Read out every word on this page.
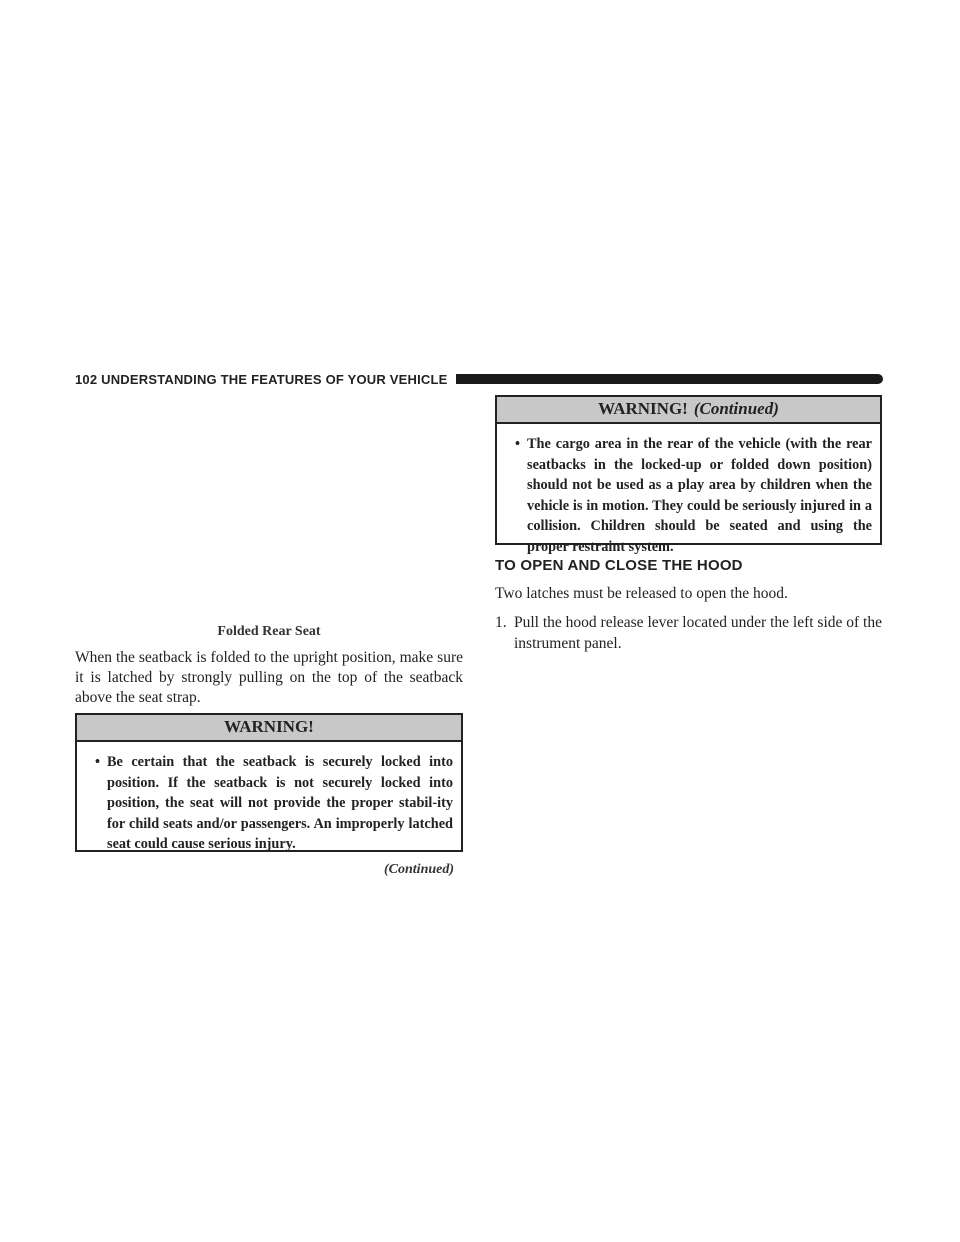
102 UNDERSTANDING THE FEATURES OF YOUR VEHICLE
Folded Rear Seat

When the seatback is folded to the upright position, make sure it is latched by strongly pulling on the top of the seatback above the seat strap.

WARNING!
• Be certain that the seatback is securely locked into position. If the seatback is not securely locked into position, the seat will not provide the proper stabil-ity for child seats and/or passengers. An improperly latched seat could cause serious injury.
(Continued)
WARNING! (Continued)
• The cargo area in the rear of the vehicle (with the rear seatbacks in the locked-up or folded down position) should not be used as a play area by children when the vehicle is in motion. They could be seriously injured in a collision. Children should be seated and using the proper restraint system.
TO OPEN AND CLOSE THE HOOD

Two latches must be released to open the hood.

1. Pull the hood release lever located under the left side of the instrument panel.
